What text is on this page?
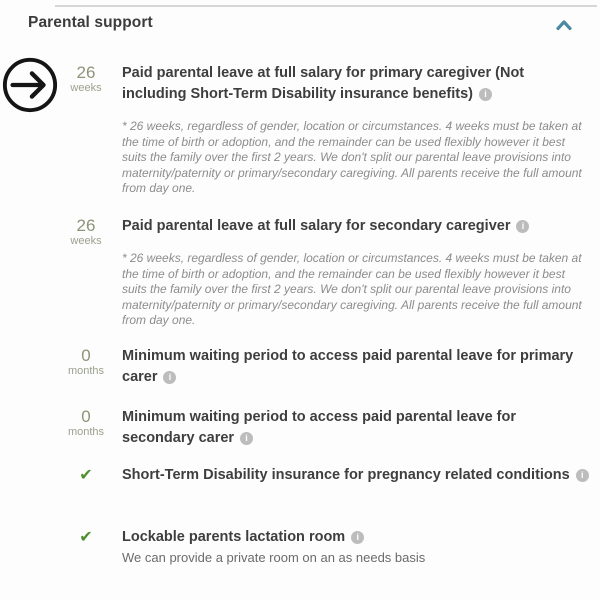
Parental support
26
weeks
Paid parental leave at full salary for primary caregiver (Not including Short-Term Disability insurance benefits) i
* 26 weeks, regardless of gender, location or circumstances. 4 weeks must be taken at the time of birth or adoption, and the remainder can be used flexibly however it best suits the family over the first 2 years. We don't split our parental leave provisions into maternity/paternity or primary/secondary caregiving. All parents receive the full amount from day one.
26
weeks
Paid parental leave at full salary for secondary caregiver i
* 26 weeks, regardless of gender, location or circumstances. 4 weeks must be taken at the time of birth or adoption, and the remainder can be used flexibly however it best suits the family over the first 2 years. We don't split our parental leave provisions into maternity/paternity or primary/secondary caregiving. All parents receive the full amount from day one.
0
months
Minimum waiting period to access paid parental leave for primary carer i
0
months
Minimum waiting period to access paid parental leave for secondary carer i
✔	Short-Term Disability insurance for pregnancy related conditions i
✔	Lockable parents lactation room i
We can provide a private room on an as needs basis
